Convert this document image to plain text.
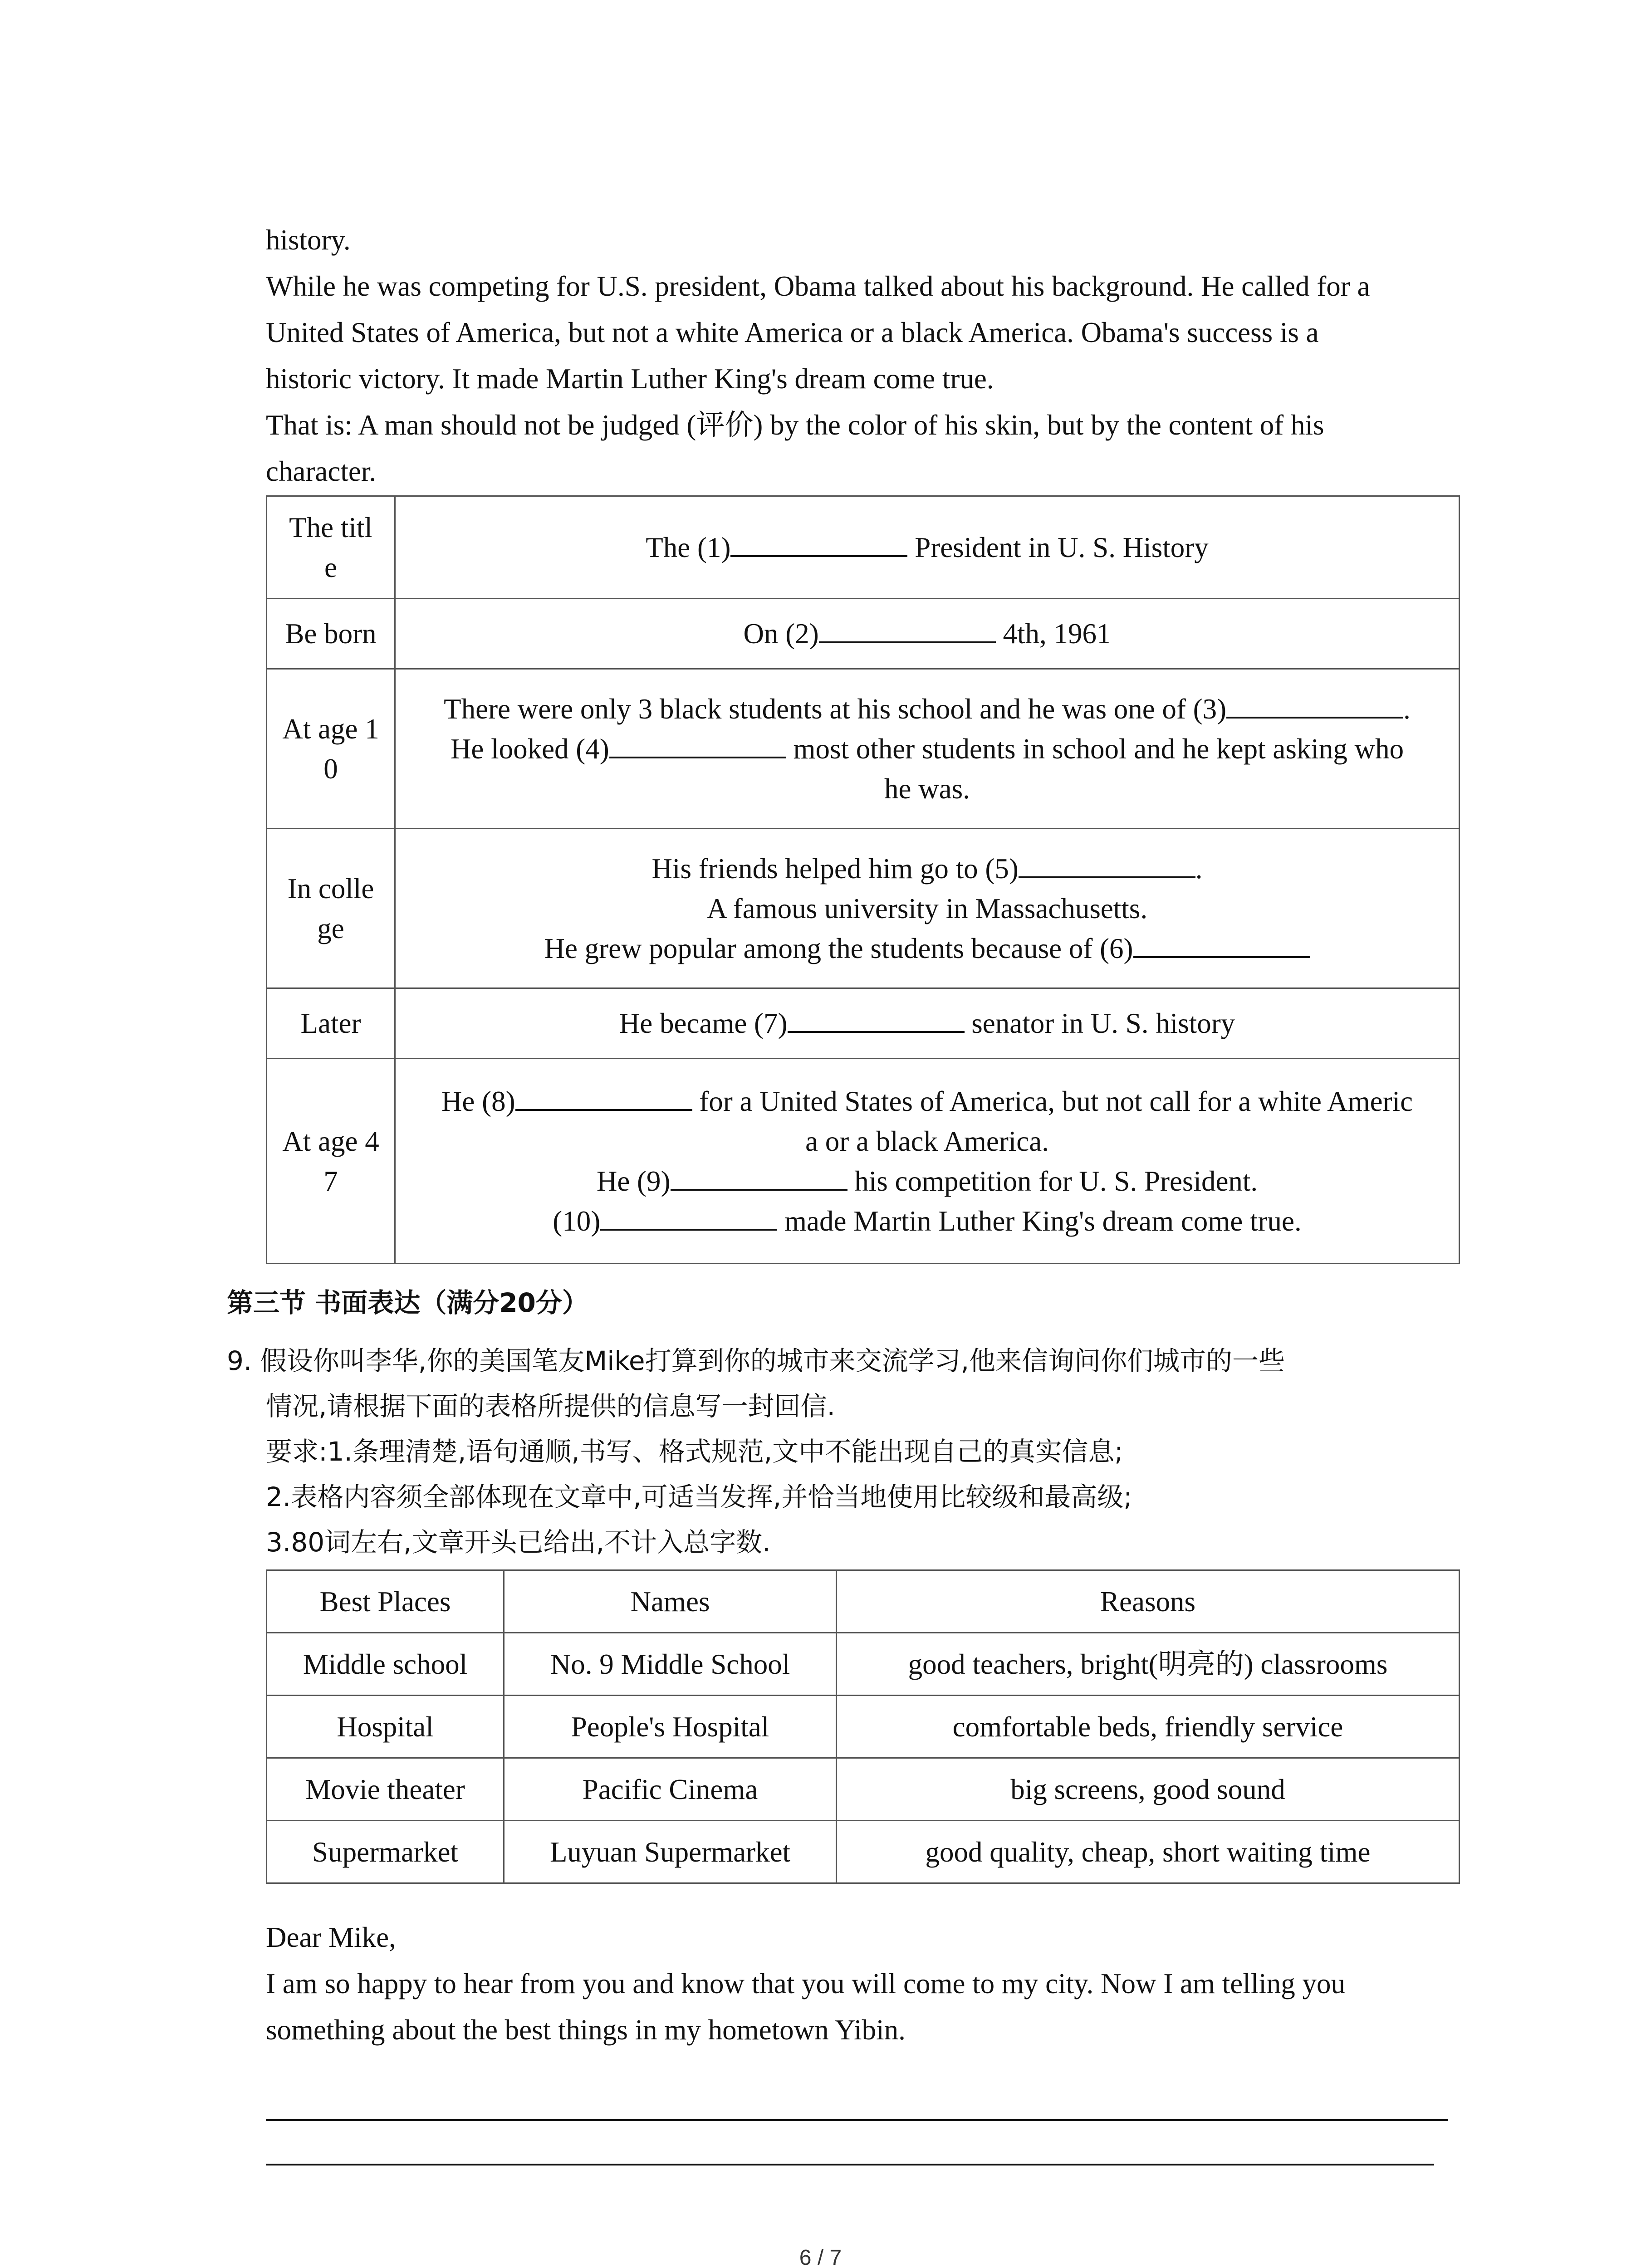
history.
While he was competing for U.S. president, Obama talked about his background. He called for a
United States of America, but not a white America or a black America. Obama's success is a
historic victory. It made Martin Luther King's dream come true.
That is: A man should not be judged (评价) by the color of his skin, but by the content of his
character.
The titl
e	The (1) President in U. S. History

Be born	On (2) 4th, 1961

At age 1
0	There were only 3 black students at his school and he was one of (3) .
He looked (4) most other students in school and he kept asking who
he was.

In colle
ge	His friends helped him go to (5) .
A famous university in Massachusetts.
He grew popular among the students because of (6)

Later	He became (7) senator in U. S. history

At age 4
7	He (8) for a United States of America, but not call for a white Americ
a or a black America.
He (9) his competition for U. S. President.
(10) made Martin Luther King's dream come true.
第三节 书面表达（满分20分）
9. 假设你叫李华,你的美国笔友Mike打算到你的城市来交流学习,他来信询问你们城市的一些
情况,请根据下面的表格所提供的信息写一封回信.
要求:1.条理清楚,语句通顺,书写、格式规范,文中不能出现自己的真实信息;
2.表格内容须全部体现在文章中,可适当发挥,并恰当地使用比较级和最高级;
3.80词左右,文章开头已给出,不计入总字数.
Best Places	Names	Reasons
Middle school	No. 9 Middle School	good teachers, bright(明亮的) classrooms
Hospital	People's Hospital	comfortable beds, friendly service
Movie theater	Pacific Cinema	big screens, good sound
Supermarket	Luyuan Supermarket	good quality, cheap, short waiting time
Dear Mike,
I am so happy to hear from you and know that you will come to my city. Now I am telling you
something about the best things in my hometown Yibin.
6 / 7
